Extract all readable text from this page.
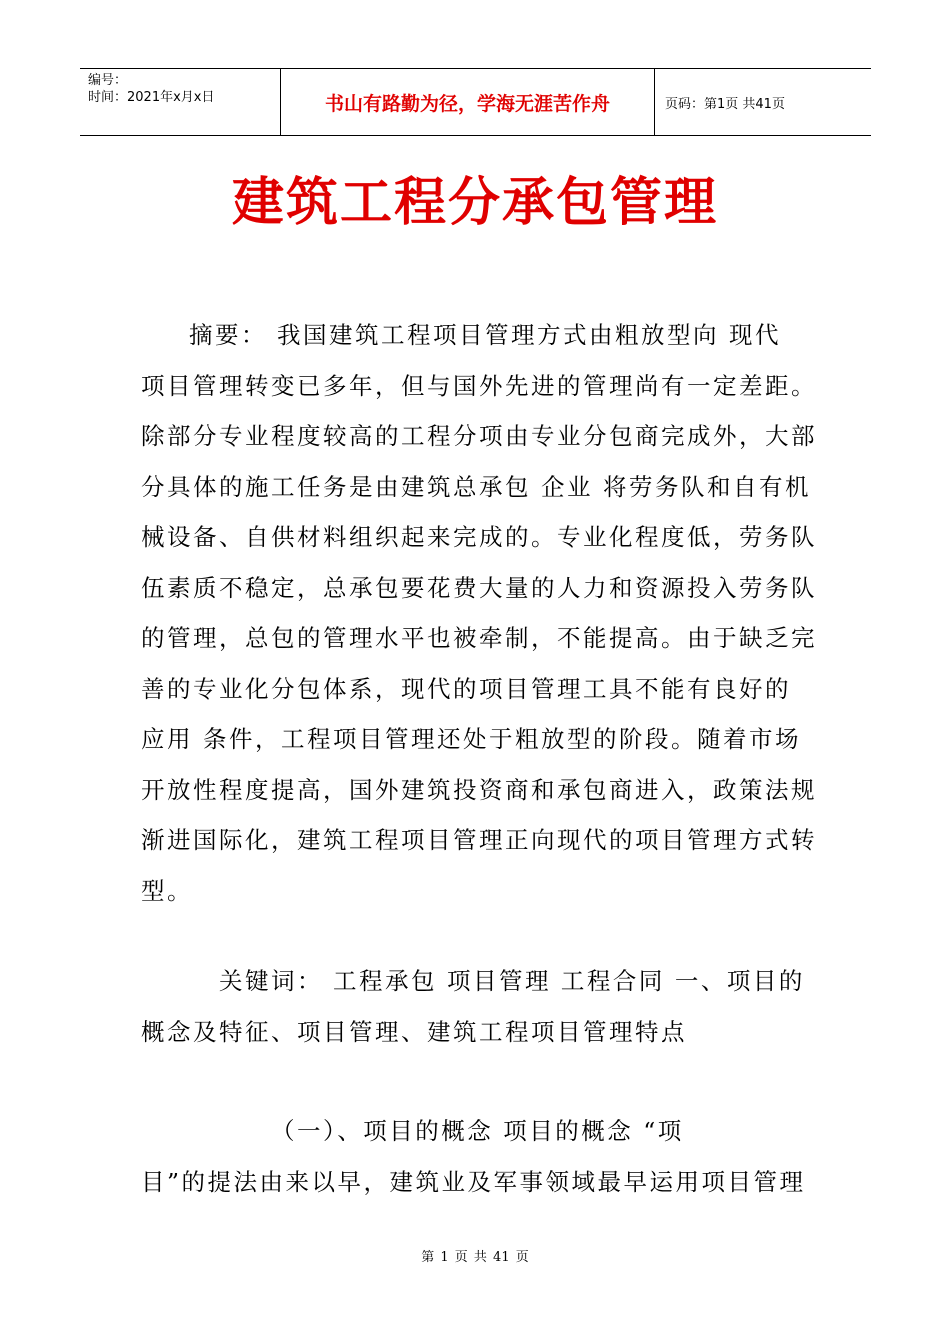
编号：
时间：2021年x月x日	书山有路勤为径，学海无涯苦作舟	页码：第1页 共41页
建筑工程分承包管理
摘要： 我国建筑工程项目管理方式由粗放型向 现代
项目管理转变已多年，但与国外先进的管理尚有一定差距。
除部分专业程度较高的工程分项由专业分包商完成外，大部
分具体的施工任务是由建筑总承包 企业 将劳务队和自有机
械设备、自供材料组织起来完成的。专业化程度低，劳务队
伍素质不稳定，总承包要花费大量的人力和资源投入劳务队
的管理，总包的管理水平也被牵制，不能提高。由于缺乏完
善的专业化分包体系，现代的项目管理工具不能有良好的
应用 条件，工程项目管理还处于粗放型的阶段。随着市场
开放性程度提高，国外建筑投资商和承包商进入，政策法规
渐进国际化，建筑工程项目管理正向现代的项目管理方式转
型。
关键词： 工程承包 项目管理 工程合同 一、项目的
概念及特征、项目管理、建筑工程项目管理特点
（一）、项目的概念 项目的概念 “项
目”的提法由来以早，建筑业及军事领域最早运用项目管理
第 1 页 共 41 页
